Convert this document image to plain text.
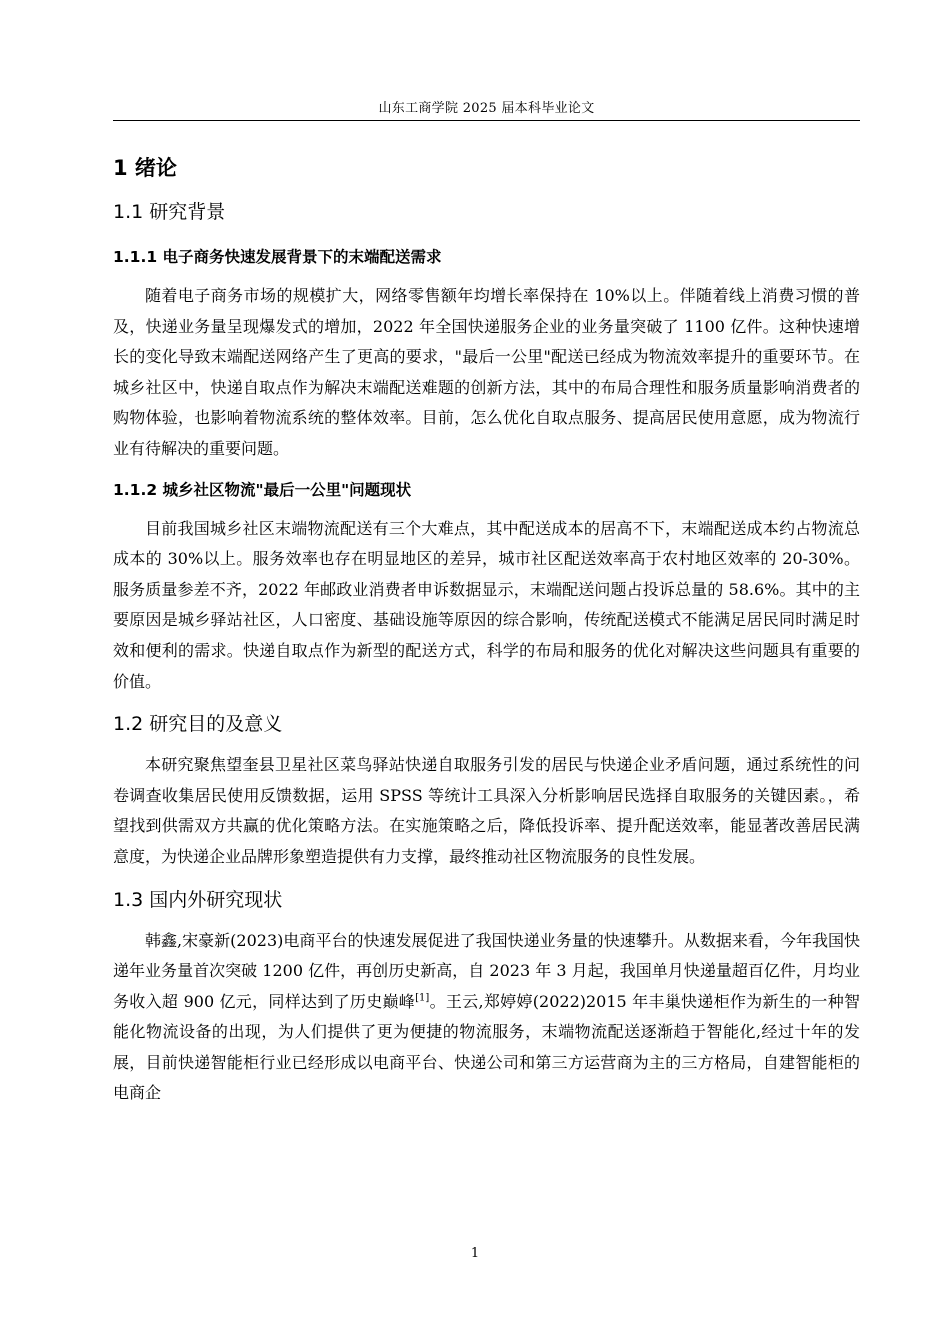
山东工商学院 2025 届本科毕业论文
1 绪论
1.1 研究背景
1.1.1 电子商务快速发展背景下的末端配送需求

随着电子商务市场的规模扩大，网络零售额年均增长率保持在 10%以上。伴随着线上消费习惯的普及，快递业务量呈现爆发式的增加，2022 年全国快递服务企业的业务量突破了 1100 亿件。这种快速增长的变化导致末端配送网络产生了更高的要求，"最后一公里"配送已经成为物流效率提升的重要环节。在城乡社区中，快递自取点作为解决末端配送难题的创新方法，其中的布局合理性和服务质量影响消费者的购物体验，也影响着物流系统的整体效率。目前，怎么优化自取点服务、提高居民使用意愿，成为物流行业有待解决的重要问题。

1.1.2 城乡社区物流"最后一公里"问题现状

目前我国城乡社区末端物流配送有三个大难点，其中配送成本的居高不下，末端配送成本约占物流总成本的 30%以上。服务效率也存在明显地区的差异，城市社区配送效率高于农村地区效率的 20-30%。服务质量参差不齐，2022 年邮政业消费者申诉数据显示，末端配送问题占投诉总量的 58.6%。其中的主要原因是城乡驿站社区，人口密度、基础设施等原因的综合影响，传统配送模式不能满足居民同时满足时效和便利的需求。快递自取点作为新型的配送方式，科学的布局和服务的优化对解决这些问题具有重要的价值。

1.2 研究目的及意义

本研究聚焦望奎县卫星社区菜鸟驿站快递自取服务引发的居民与快递企业矛盾问题，通过系统性的问卷调查收集居民使用反馈数据，运用 SPSS 等统计工具深入分析影响居民选择自取服务的关键因素。，希望找到供需双方共赢的优化策略方法。在实施策略之后，降低投诉率、提升配送效率，能显著改善居民满意度，为快递企业品牌形象塑造提供有力支撑，最终推动社区物流服务的良性发展。

1.3 国内外研究现状

韩鑫,宋豪新(2023)电商平台的快速发展促进了我国快递业务量的快速攀升。从数据来看，今年我国快递年业务量首次突破 1200 亿件，再创历史新高，自 2023 年 3 月起，我国单月快递量超百亿件，月均业务收入超 900 亿元，同样达到了历史巅峰[1]。王云,郑婷婷(2022)2015 年丰巢快递柜作为新生的一种智能化物流设备的出现，为人们提供了更为便捷的物流服务，末端物流配送逐渐趋于智能化,经过十年的发展，目前快递智能柜行业已经形成以电商平台、快递公司和第三方运营商为主的三方格局，自建智能柜的电商企

1
